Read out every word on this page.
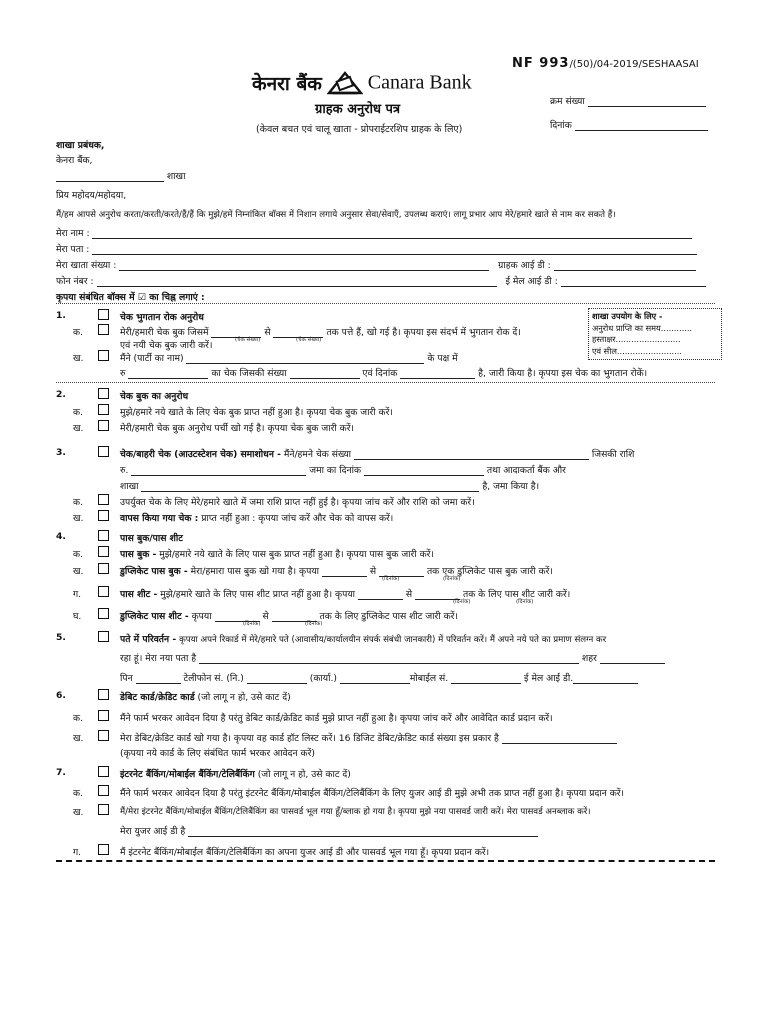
NF 993/(50)/04-2019/SESHAASAI
केनरा बैंक Canara Bank
ग्राहक अनुरोध पत्र
(केवल बचत एवं चालू खाता - प्रोपराईटरशिप ग्राहक के लिए)
क्रम संख्या
दिनांक
शाखा प्रबंधक,
केनरा बैंक,
शाखा
प्रिय महोदय/महोदया,
मैं/हम आपसे अनुरोध करता/करती/करते/हैं/हैं कि मुझे/हमें निम्नांकित बॉक्स में निशान लगाये अनुसार सेवा/सेवाएँ, उपलब्ध कराएं। लागू प्रभार आप मेरे/हमारे खाते से नाम कर सकते हैं।
मेरा नाम :
मेरा पता :
मेरा खाता संख्या :	ग्राहक आई डी :
फोन नंबर :	ई मेल आई डी :
कृपया संबंधित बॉक्स में ☑ का चिह्न लगाएं :
1.	चेक भुगतान रोक अनुरोध
क.	मेरी/हमारी चेक बुक जिसमें	से	तक पत्ते हैं, खो गई है। कृपया इस संदर्भ में भुगतान रोक दें।
एवं नयी चेक बुक जारी करें।	(चेक संख्या)	(चेक संख्या)
ख.	मैंने (पार्टी का नाम)	के पक्ष में
रु	का चेक जिसकी संख्या	एवं दिनांक	है, जारी किया है। कृपया इस चेक का भुगतान रोकें।
शाखा उपयोग के लिए -
अनुरोध प्राप्ति का समय............
हस्ताक्षर.........................
एवं सील.........................
2.	चेक बुक का अनुरोध
क.	मुझे/हमारे नये खाते के लिए चेक बुक प्राप्त नहीं हुआ है। कृपया चेक बुक जारी करें।
ख.	मेरी/हमारी चेक बुक अनुरोध पर्ची खो गई है। कृपया चेक बुक जारी करें।
3.	चेक/बाहरी चेक (आउटस्टेशन चेक) समाशोधन - मैंने/हमने चेक संख्या	जिसकी राशि
रु.	जमा का दिनांक	तथा आदाकर्ता बैंक और
शाखा	है, जमा किया है।
क.	उपर्युक्त चेक के लिए मेरे/हमारे खाते में जमा राशि प्राप्त नहीं हुई है। कृपया जांच करें और राशि को जमा करें।
ख.	वापस किया गया चेक : प्राप्त नहीं हुआ : कृपया जांच करें और चेक को वापस करें।
4.	पास बुक/पास शीट
क.	पास बुक - मुझे/हमारे नये खाते के लिए पास बुक प्राप्त नहीं हुआ है। कृपया पास बुक जारी करें।
ख.	डुप्लिकेट पास बुक - मेरा/हमारा पास बुक खो गया है। कृपया	से	तक एक डुप्लिकेट पास बुक जारी करें।
(दिनांक)	(दिनांक)
ग.	पास शीट - मुझे/हमारे खाते के लिए पास शीट प्राप्त नहीं हुआ है। कृपया	से	तक के लिए पास शीट जारी करें।
(दिनांक)	(दिनांक)
घ.	डुप्लिकेट पास शीट - कृपया	से	तक के लिए डुप्लिकेट पास शीट जारी करें।
(दिनांक)	(दिनांक)
5.	पते में परिवर्तन - कृपया अपने रिकार्ड में मेरे/हमारे पते (आवासीय/कार्यालयीन संपर्क संबंधी जानकारी) में परिवर्तन करें। मैं अपने नये पते का प्रमाण संलग्न कर
रहा हूं। मेरा नया पता है	शहर
पिन	टेलीफोन सं. (नि.)	(कार्या.)	मोबाईल सं.	ई मेल आई डी.
6.	डेबिट कार्ड/क्रेडिट कार्ड (जो लागू न हो, उसे काट दें)
क.	मैंने फार्म भरकर आवेदन दिया है परंतु डेबिट कार्ड/क्रेडिट कार्ड मुझे प्राप्त नहीं हुआ है। कृपया जांच करें और आवेदित कार्ड प्रदान करें।
ख.	मेरा डेबिट/क्रेडिट कार्ड खो गया है। कृपया वह कार्ड हॉट लिस्ट करें। 16 डिजिट डेबिट/क्रेडिट कार्ड संख्या इस प्रकार है
(कृपया नये कार्ड के लिए संबंधित फार्म भरकर आवेदन करें)
7.	इंटरनेट बैंकिंग/मोबाईल बैंकिंग/टेलिबैंकिंग (जो लागू न हो, उसे काट दें)
क.	मैंने फार्म भरकर आवेदन दिया है परंतु इंटरनेट बैंकिंग/मोबाईल बैंकिंग/टेलिबैंकिंग के लिए युजर आई डी मुझे अभी तक प्राप्त नहीं हुआ है। कृपया प्रदान करें।
ख.	मैं/मेरा इंटरनेट बैंकिंग/मोबाईल बैंकिंग/टेलिबैंकिंग का पासवर्ड भूल गया हूँ/ब्लाक हो गया है। कृपया मुझे नया पासवर्ड जारी करें। मेरा पासवर्ड अनब्लाक करें।
मेरा युजर आई डी है
ग.	मैं इंटरनेट बैंकिंग/मोबाईल बैंकिंग/टेलिबैंकिंग का अपना युजर आई डी और पासवर्ड भूल गया हूँ। कृपया प्रदान करें।
